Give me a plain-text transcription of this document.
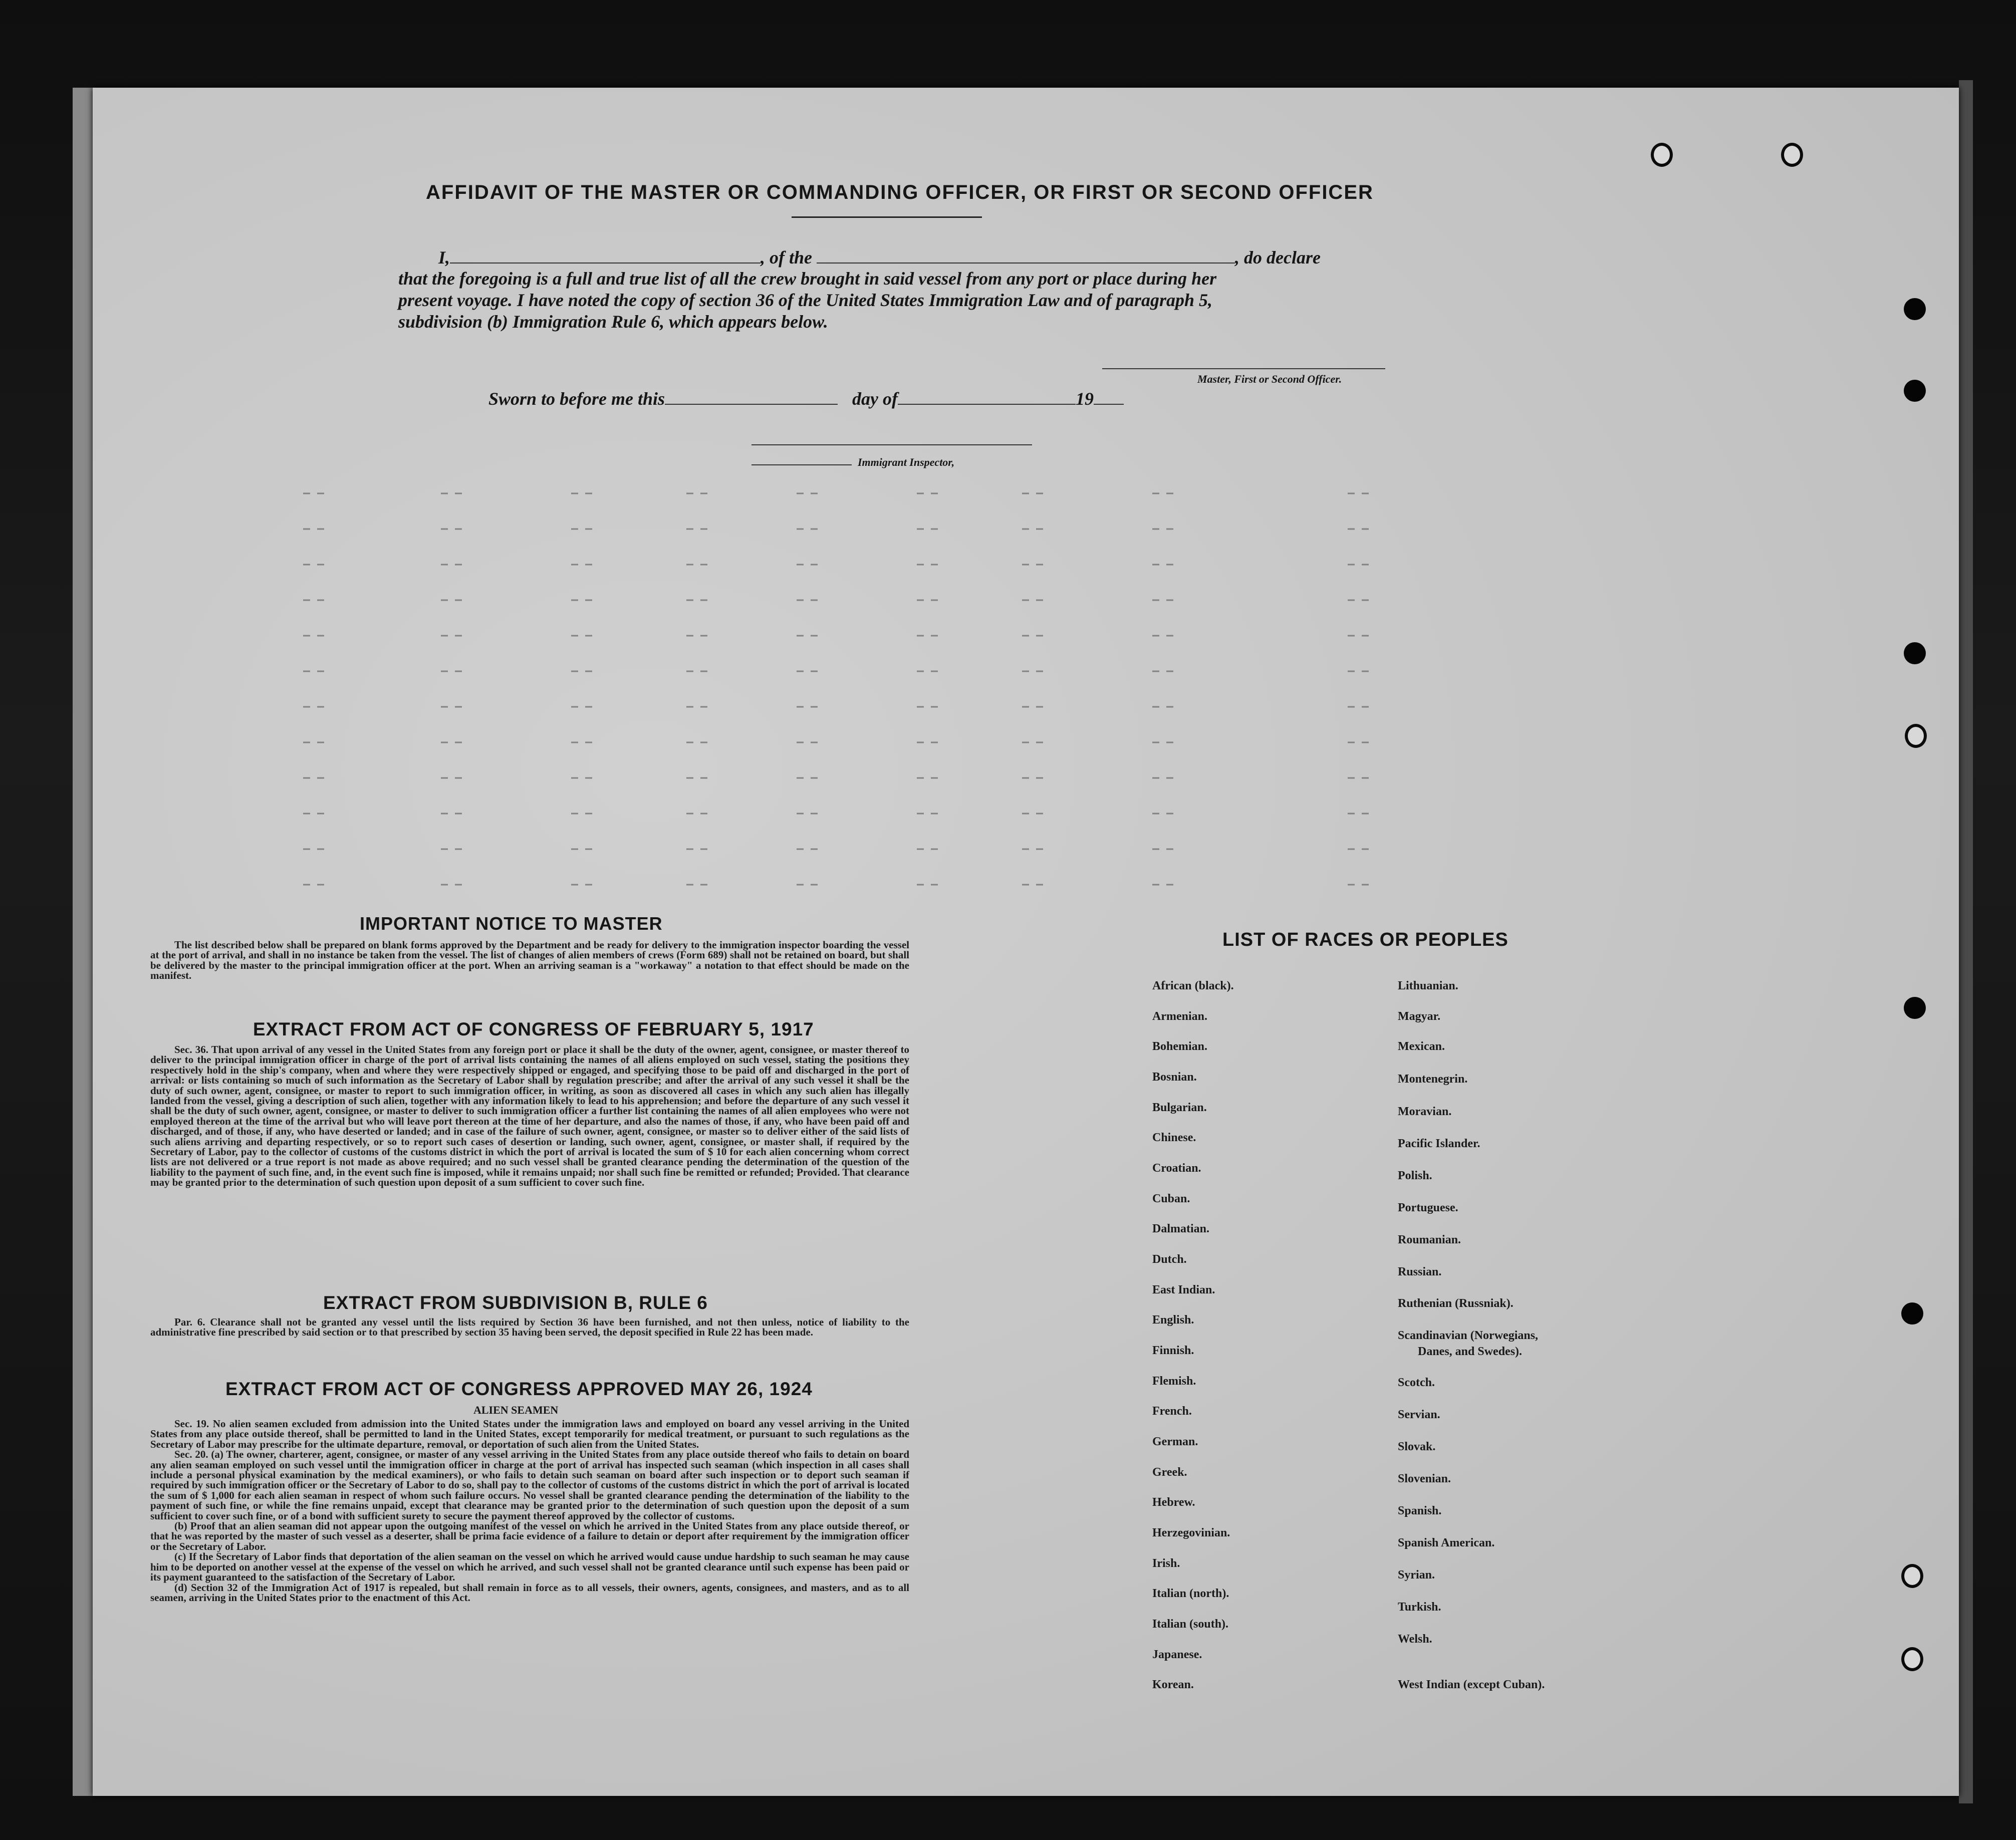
AFFIDAVIT OF THE MASTER OR COMMANDING OFFICER, OR FIRST OR SECOND OFFICER
I,	, of the	, do declare
that the foregoing is a full and true list of all the crew brought in said vessel from any port or place during her
present voyage. I have noted the copy of section 36 of the United States Immigration Law and of paragraph 5,
subdivision (b) Immigration Rule 6, which appears below.
Master, First or Second Officer.
Sworn to before me this	day of	19
Immigrant Inspector,
IMPORTANT NOTICE TO MASTER

The list described below shall be prepared on blank forms approved by the Department and be ready for delivery to the immigration inspector boarding the vessel at the port of arrival, and shall in no instance be taken from the vessel. The list of changes of alien members of crews (Form 689) shall not be retained on board, but shall be delivered by the master to the principal immigration officer at the port. When an arriving seaman is a "workaway" a notation to that effect should be made on the manifest.

EXTRACT FROM ACT OF CONGRESS OF FEBRUARY 5, 1917

Sec. 36. That upon arrival of any vessel in the United States from any foreign port or place it shall be the duty of the owner, agent, consignee, or master thereof to deliver to the principal immigration officer in charge of the port of arrival lists containing the names of all aliens employed on such vessel, stating the positions they respectively hold in the ship's company, when and where they were respectively shipped or engaged, and specifying those to be paid off and discharged in the port of arrival: or lists containing so much of such information as the Secretary of Labor shall by regulation prescribe; and after the arrival of any such vessel it shall be the duty of such owner, agent, consignee, or master to report to such immigration officer, in writing, as soon as discovered all cases in which any such alien has illegally landed from the vessel, giving a description of such alien, together with any information likely to lead to his apprehension; and before the departure of any such vessel it shall be the duty of such owner, agent, consignee, or master to deliver to such immigration officer a further list containing the names of all alien employees who were not employed thereon at the time of the arrival but who will leave port thereon at the time of her departure, and also the names of those, if any, who have been paid off and discharged, and of those, if any, who have deserted or landed; and in case of the failure of such owner, agent, consignee, or master so to deliver either of the said lists of such aliens arriving and departing respectively, or so to report such cases of desertion or landing, such owner, agent, consignee, or master shall, if required by the Secretary of Labor, pay to the collector of customs of the customs district in which the port of arrival is located the sum of $ 10 for each alien concerning whom correct lists are not delivered or a true report is not made as above required; and no such vessel shall be granted clearance pending the determination of the question of the liability to the payment of such fine, and, in the event such fine is imposed, while it remains unpaid; nor shall such fine be remitted or refunded; Provided. That clearance may be granted prior to the determination of such question upon deposit of a sum sufficient to cover such fine.

EXTRACT FROM SUBDIVISION B, RULE 6

Par. 6. Clearance shall not be granted any vessel until the lists required by Section 36 have been furnished, and not then unless, notice of liability to the administrative fine prescribed by said section or to that prescribed by section 35 having been served, the deposit specified in Rule 22 has been made.

EXTRACT FROM ACT OF CONGRESS APPROVED MAY 26, 1924
ALIEN SEAMEN

Sec. 19. No alien seamen excluded from admission into the United States under the immigration laws and employed on board any vessel arriving in the United States from any place outside thereof, shall be permitted to land in the United States, except temporarily for medical treatment, or pursuant to such regulations as the Secretary of Labor may prescribe for the ultimate departure, removal, or deportation of such alien from the United States.

Sec. 20. (a) The owner, charterer, agent, consignee, or master of any vessel arriving in the United States from any place outside thereof who fails to detain on board any alien seaman employed on such vessel until the immigration officer in charge at the port of arrival has inspected such seaman (which inspection in all cases shall include a personal physical examination by the medical examiners), or who fails to detain such seaman on board after such inspection or to deport such seaman if required by such immigration officer or the Secretary of Labor to do so, shall pay to the collector of customs of the customs district in which the port of arrival is located the sum of $ 1,000 for each alien seaman in respect of whom such failure occurs. No vessel shall be granted clearance pending the determination of the liability to the payment of such fine, or while the fine remains unpaid, except that clearance may be granted prior to the determination of such question upon the deposit of a sum sufficient to cover such fine, or of a bond with sufficient surety to secure the payment thereof approved by the collector of customs.

(b) Proof that an alien seaman did not appear upon the outgoing manifest of the vessel on which he arrived in the United States from any place outside thereof, or that he was reported by the master of such vessel as a deserter, shall be prima facie evidence of a failure to detain or deport after requirement by the immigration officer or the Secretary of Labor.

(c) If the Secretary of Labor finds that deportation of the alien seaman on the vessel on which he arrived would cause undue hardship to such seaman he may cause him to be deported on another vessel at the expense of the vessel on which he arrived, and such vessel shall not be granted clearance until such expense has been paid or its payment guaranteed to the satisfaction of the Secretary of Labor.

(d) Section 32 of the Immigration Act of 1917 is repealed, but shall remain in force as to all vessels, their owners, agents, consignees, and masters, and as to all seamen, arriving in the United States prior to the enactment of this Act.

LIST OF RACES OR PEOPLES
African (black).
Armenian.
Bohemian.
Bosnian.
Bulgarian.
Chinese.
Croatian.
Cuban.
Dalmatian.
Dutch.
East Indian.
English.
Finnish.
Flemish.
French.
German.
Greek.
Hebrew.
Herzegovinian.
Irish.
Italian (north).
Italian (south).
Japanese.
Korean.
Lithuanian.
Magyar.
Mexican.
Montenegrin.
Moravian.
Pacific Islander.
Polish.
Portuguese.
Roumanian.
Russian.
Ruthenian (Russniak).
Scandinavian (Norwegians,
Danes, and Swedes).
Scotch.
Servian.
Slovak.
Slovenian.
Spanish.
Spanish American.
Syrian.
Turkish.
Welsh.
West Indian (except Cuban).
